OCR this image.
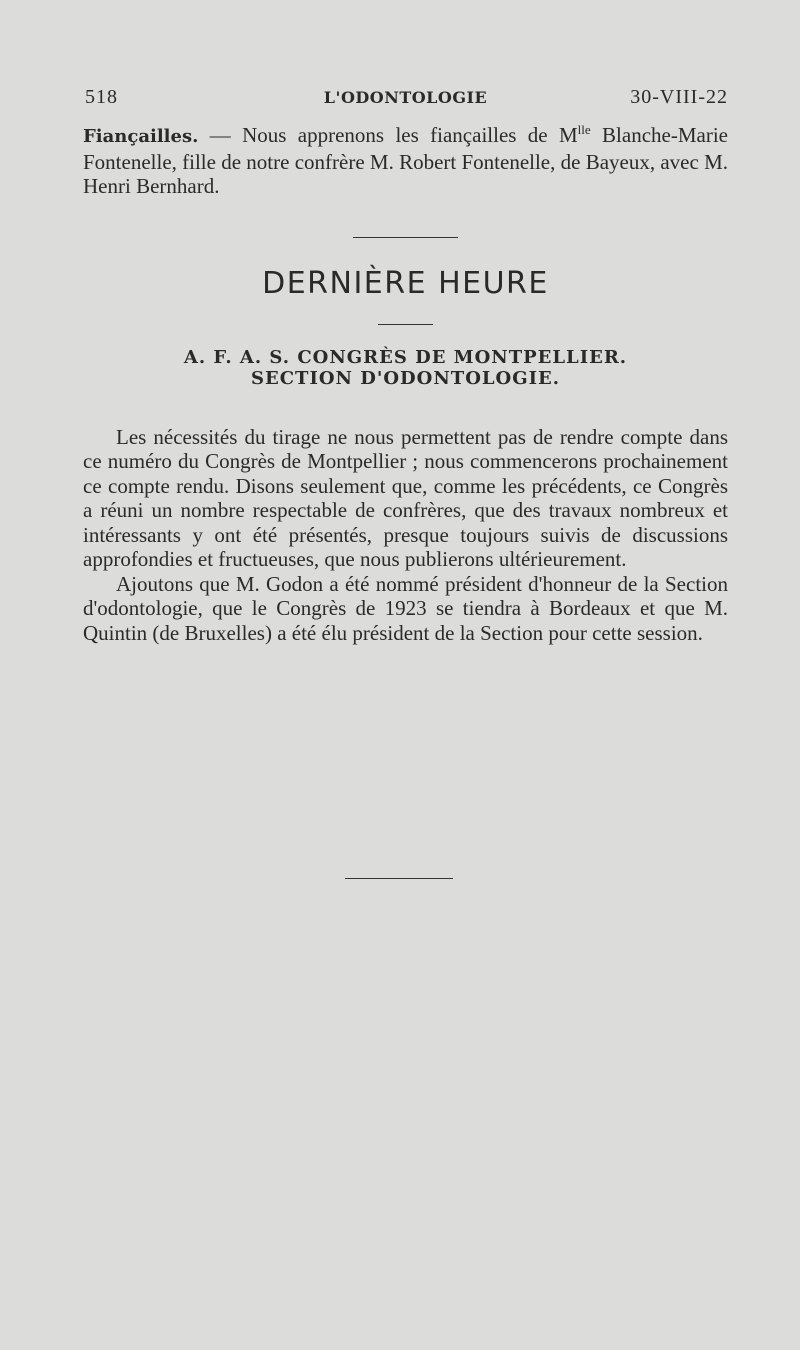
518	L'ODONTOLOGIE	30-VIII-22

Fiançailles. — Nous apprenons les fiançailles de $M^{lle}$ Blanche-Marie Fontenelle, fille de notre confrère M. Robert Fontenelle, de Bayeux, avec M. Henri Bernhard.

DERNIÈRE HEURE
A. F. A. S. CONGRÈS DE MONTPELLIER.
SECTION D'ODONTOLOGIE.

Les nécessités du tirage ne nous permettent pas de rendre compte dans ce numéro du Congrès de Montpellier ; nous commencerons prochainement ce compte rendu. Disons seulement que, comme les précédents, ce Congrès a réuni un nombre respectable de confrères, que des travaux nombreux et intéressants y ont été présentés, presque toujours suivis de discussions approfondies et fructueuses, que nous publierons ultérieurement.

Ajoutons que M. Godon a été nommé président d'honneur de la Section d'odontologie, que le Congrès de 1923 se tiendra à Bordeaux et que M. Quintin (de Bruxelles) a été élu président de la Section pour cette session.
